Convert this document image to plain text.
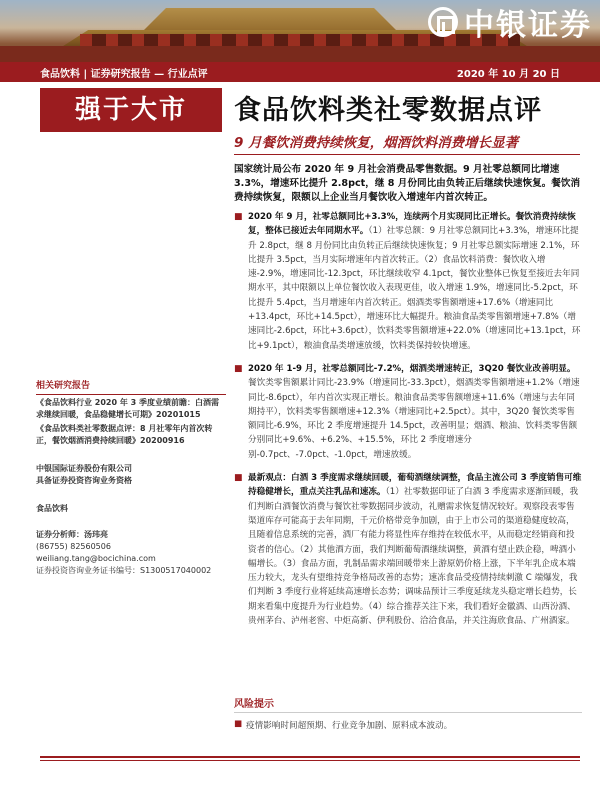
中银证券
食品饮料 | 证券研究报告 — 行业点评	2020 年 10 月 20 日
强于大市	食品饮料类社零数据点评
9 月餐饮消费持续恢复，烟酒饮料消费增长显著
国家统计局公布 2020 年 9 月社会消费品零售数据。9 月社零总额同比增速 3.3%，增速环比提升 2.8pct，继 8 月份同比由负转正后继续快速恢复。餐饮消费持续恢复，限额以上企业当月餐饮收入增速年内首次转正。
■ 2020 年 9 月，社零总额同比+3.3%，连续两个月实现同比正增长。餐饮消费持续恢复，整体已接近去年同期水平。（1）社零总额：9 月社零总额同比+3.3%，增速环比提升 2.8pct，继 8 月份同比由负转正后继续快速恢复；9 月社零总额实际增速 2.1%，环比提升 3.5pct，当月实际增速年内首次转正。（2）食品饮料消费：餐饮收入增速-2.9%，增速同比-12.3pct，环比继续收窄 4.1pct，餐饮业整体已恢复至接近去年同期水平，其中限额以上单位餐饮收入表现更佳，收入增速 1.9%，增速同比-5.2pct，环比提升 5.4pct，当月增速年内首次转正。烟酒类零售额增速+17.6%（增速同比+13.4pct，环比+14.5pct），增速环比大幅提升。粮油食品类零售额增速+7.8%（增速同比-2.6pct，环比+3.6pct），饮料类零售额增速+22.0%（增速同比+13.1pct，环比+9.1pct），粮油食品类增速放缓，饮料类保持较快增速。
■ 2020 年 1-9 月，社零总额同比-7.2%，烟酒类增速转正，3Q20 餐饮业改善明显。餐饮类零售额累计同比-23.9%（增速同比-33.3pct），烟酒类零售额增速+1.2%（增速同比-8.6pct），年内首次实现正增长。粮油食品类零售额增速+11.6%（增速与去年同期持平），饮料类零售额增速+12.3%（增速同比+2.5pct）。其中，3Q20 餐饮类零售额同比-6.9%，环比 2 季度增速提升 14.5pct，改善明显；烟酒、粮油、饮料类零售额分别同比+9.6%、+6.2%、+15.5%，环比 2 季度增速分别-0.7pct、-7.0pct、-1.0pct，增速放缓。
■ 最新观点：白酒 3 季度需求继续回暖，葡萄酒继续调整，食品主流公司 3 季度销售可维持稳健增长，重点关注乳品和速冻。（1）社零数据印证了白酒 3 季度需求逐渐回暖，我们判断白酒餐饮消费与餐饮社零数据同步波动，礼赠需求恢复情况较好。观察段表零售渠道库存可能高于去年同期，千元价格带竞争加剧，由于上市公司的渠道稳健度较高，且随着信息系统的完善，酒厂有能力将显性库存维持在较低水平，从而稳定经销商和投资者的信心。（2）其他酒方面，我们判断葡萄酒继续调整，黄酒有望止跌企稳，啤酒小幅增长。（3）食品方面，乳制品需求端回暖带来上游原奶价格上涨，下半年乳企成本端压力较大，龙头有望维持竞争格局改善的态势；速冻食品受疫情持续刺激 C 端爆发，我们判断 3 季度行业将延续高速增长态势；调味品预计三季度延续龙头稳定增长趋势，长期来看集中度提升为行业趋势。（4）综合推荐关注下来，我们看好金徽酒、山西汾酒、贵州茅台、泸州老窖、中炬高新、伊利股份、洽洽食品，并关注海欣食品、广州酒家。
风险提示
■ 疫情影响时间超预期、行业竞争加剧、原料成本波动。
相关研究报告
《食品饮料行业 2020 年 3 季度业绩前瞻：白酒需求继续回暖，食品稳健增长可期》20201015
《食品饮料类社零数据点评：8 月社零年内首次转正，餐饮烟酒消费持续回暖》20200916
中银国际证券股份有限公司
具备证券投资咨询业务资格
食品饮料
证券分析师：汤玮亮
(86755) 82560506
weiliang.tang@bocichina.com
证券投资咨询业务证书编号：S1300517040002
